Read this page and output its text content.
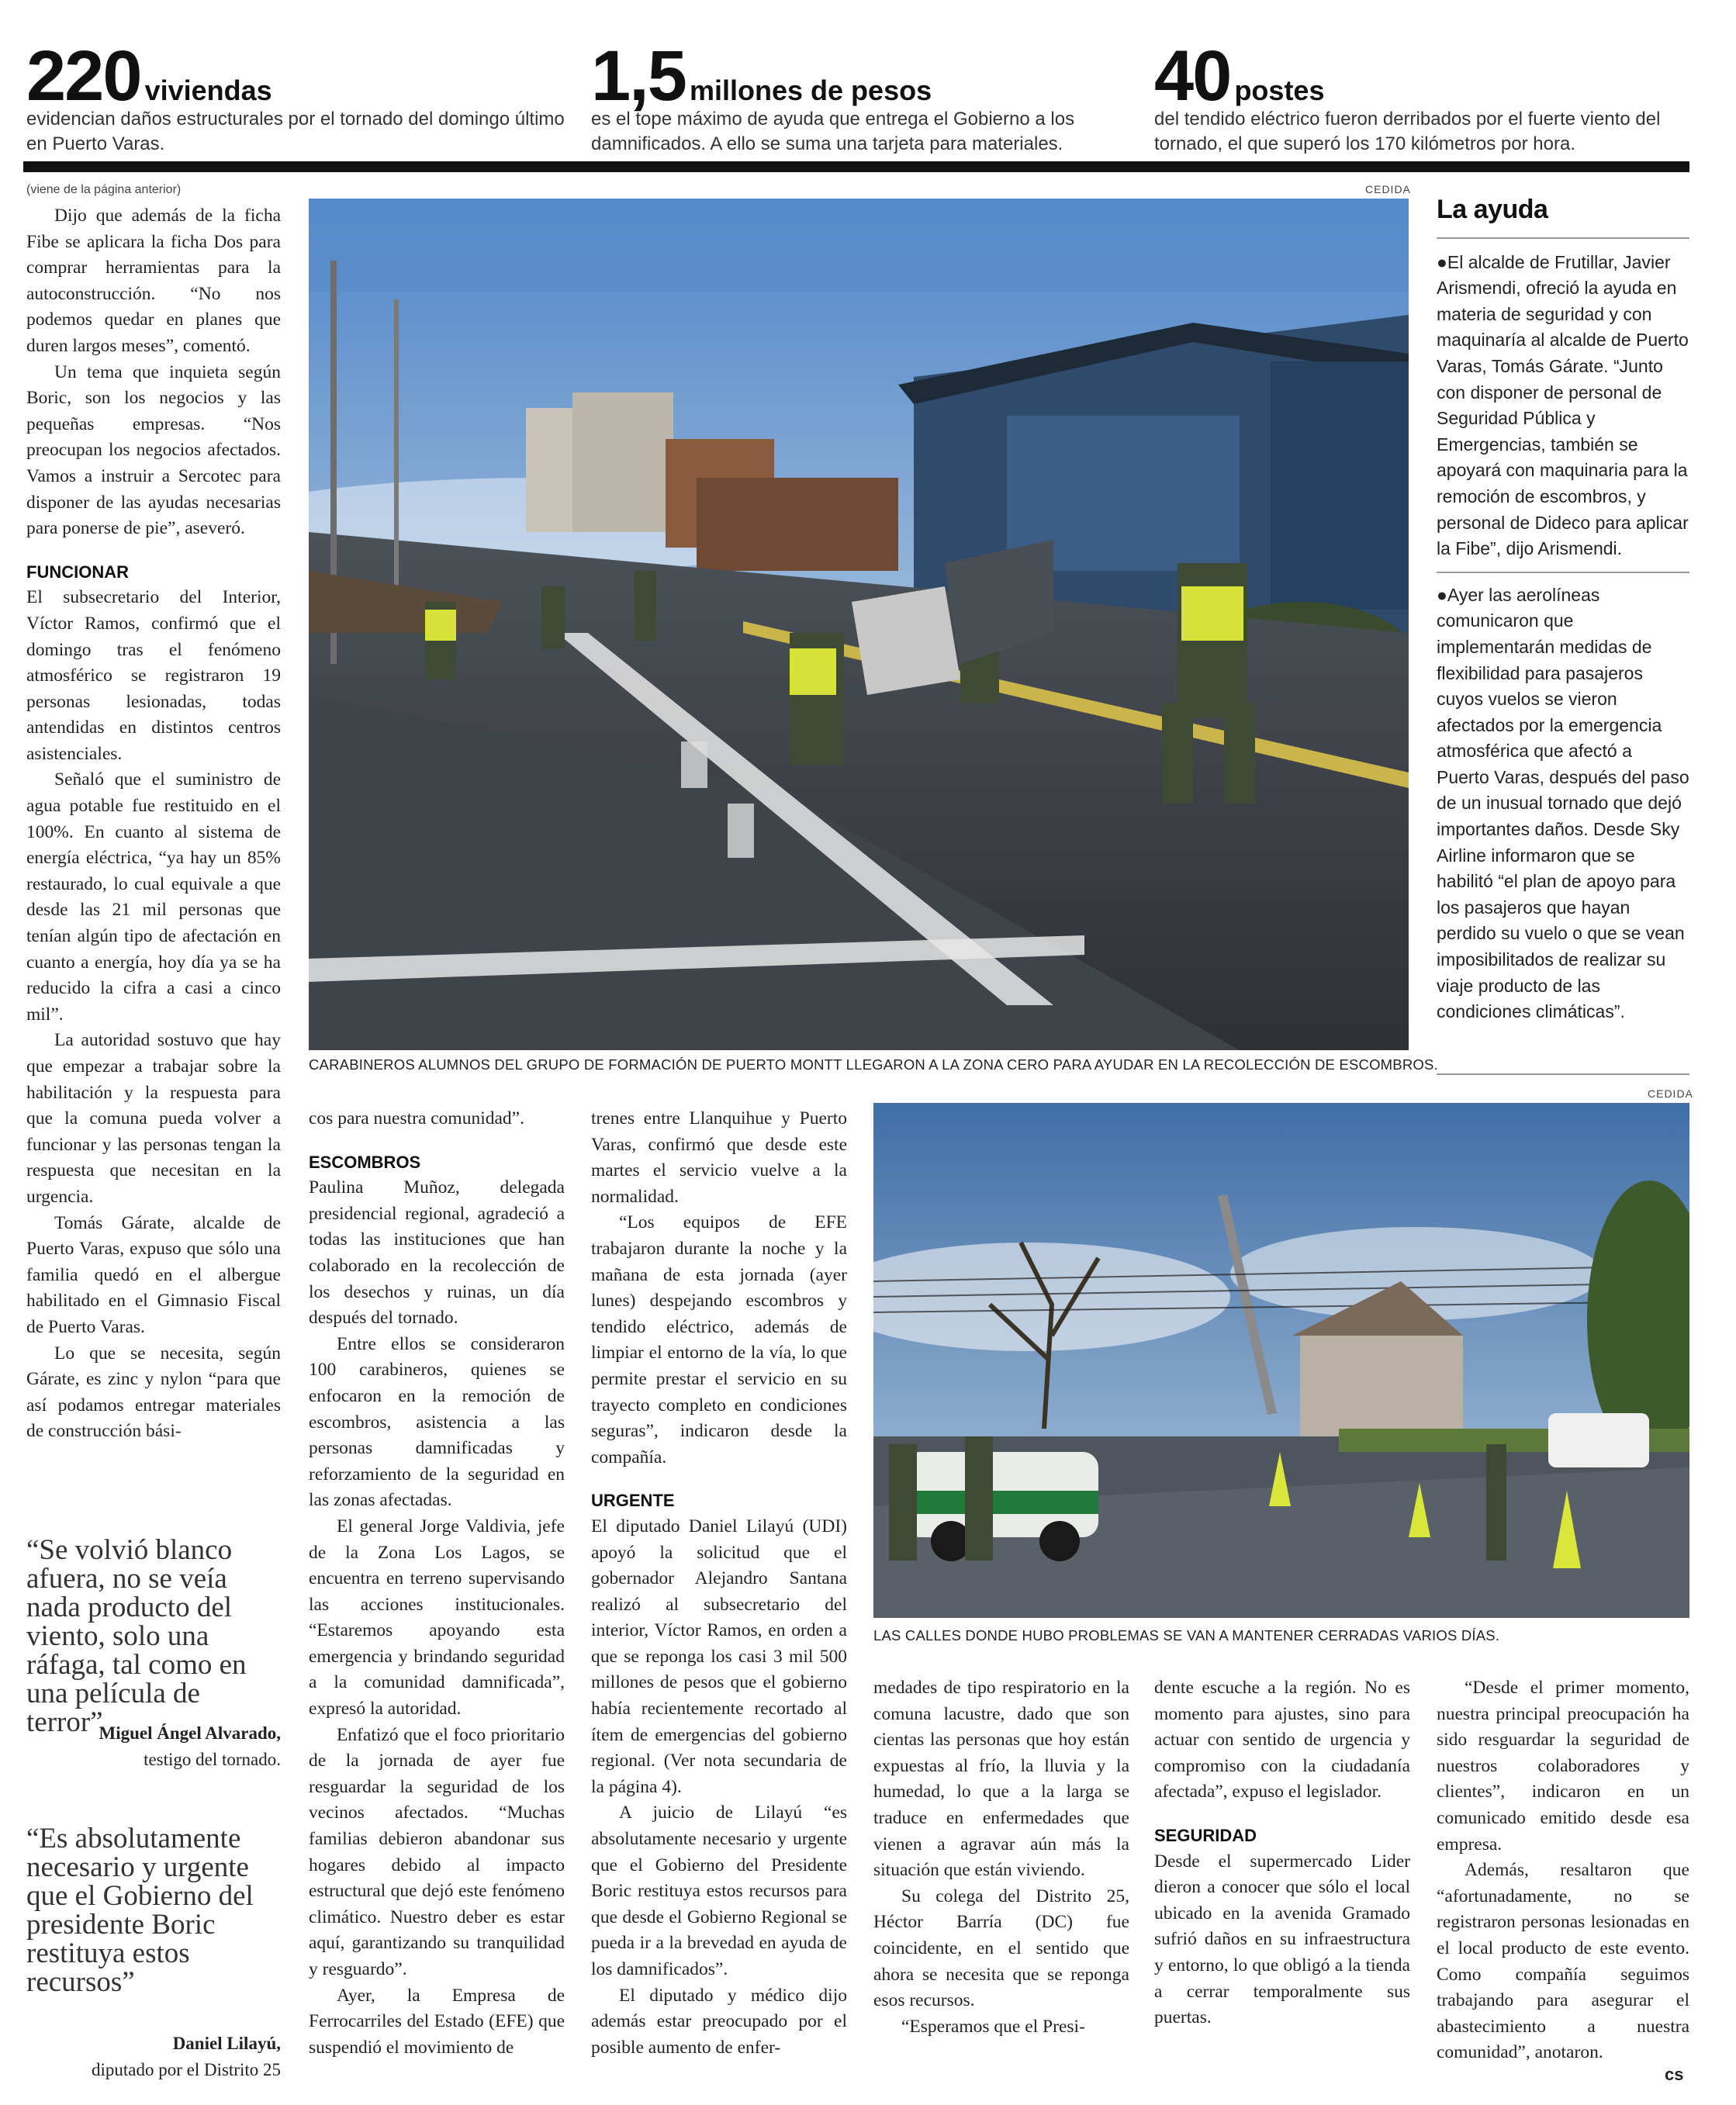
220 viviendas
evidencian daños estructurales por el tornado del domingo último en Puerto Varas.
1,5 millones de pesos
es el tope máximo de ayuda que entrega el Gobierno a los damnificados. A ello se suma una tarjeta para materiales.
40 postes
del tendido eléctrico fueron derribados por el fuerte viento del tornado, el que superó los 170 kilómetros por hora.
(viene de la página anterior)

Dijo que además de la ficha Fibe se aplicara la ficha Dos para comprar herramientas para la autoconstrucción. “No nos podemos quedar en planes que duren largos meses”, comentó.

Un tema que inquieta según Boric, son los negocios y las pequeñas empresas. “Nos preocupan los negocios afectados. Vamos a instruir a Sercotec para disponer de las ayudas necesarias para ponerse de pie”, aseveró.

FUNCIONAR

El subsecretario del Interior, Víctor Ramos, confirmó que el domingo tras el fenómeno atmosférico se registraron 19 personas lesionadas, todas antendidas en distintos centros asistenciales.

Señaló que el suministro de agua potable fue restituido en el 100%. En cuanto al sistema de energía eléctrica, “ya hay un 85% restaurado, lo cual equivale a que desde las 21 mil personas que tenían algún tipo de afectación en cuanto a energía, hoy día ya se ha reducido la cifra a casi a cinco mil”.

La autoridad sostuvo que hay que empezar a trabajar sobre la habilitación y la respuesta para que la comuna pueda volver a funcionar y las personas tengan la respuesta que necesitan en la urgencia.

Tomás Gárate, alcalde de Puerto Varas, expuso que sólo una familia quedó en el albergue habilitado en el Gimnasio Fiscal de Puerto Varas.

Lo que se necesita, según Gárate, es zinc y nylon “para que así podamos entregar materiales de construcción bási-

“Se volvió blanco afuera, no se veía nada producto del viento, solo una ráfaga, tal como en una película de terror”
Miguel Ángel Alvarado,
testigo del tornado.
“Es absolutamente necesario y urgente que el Gobierno del presidente Boric restituya estos recursos”
Daniel Lilayú,
diputado por el Distrito 25
CEDIDA
CARABINEROS ALUMNOS DEL GRUPO DE FORMACIÓN DE PUERTO MONTT LLEGARON A LA ZONA CERO PARA AYUDAR EN LA RECOLECCIÓN DE ESCOMBROS.
La ayuda

●El alcalde de Frutillar, Javier Arismendi, ofreció la ayuda en materia de seguridad y con maquinaría al alcalde de Puerto Varas, Tomás Gárate. “Junto con disponer de personal de Seguridad Pública y Emergencias, también se apoyará con maquinaria para la remoción de escombros, y personal de Dideco para aplicar la Fibe”, dijo Arismendi.

●Ayer las aerolíneas comunicaron que implementarán medidas de flexibilidad para pasajeros cuyos vuelos se vieron afectados por la emergencia atmosférica que afectó a Puerto Varas, después del paso de un inusual tornado que dejó importantes daños. Desde Sky Airline informaron que se habilitó “el plan de apoyo para los pasajeros que hayan perdido su vuelo o que se vean imposibilitados de realizar su viaje producto de las condiciones climáticas”.

CEDIDA
LAS CALLES DONDE HUBO PROBLEMAS SE VAN A MANTENER CERRADAS VARIOS DÍAS.

cos para nuestra comunidad”.

ESCOMBROS

Paulina Muñoz, delegada presidencial regional, agradeció a todas las instituciones que han colaborado en la recolección de los desechos y ruinas, un día después del tornado.

Entre ellos se consideraron 100 carabineros, quienes se enfocaron en la remoción de escombros, asistencia a las personas damnificadas y reforzamiento de la seguridad en las zonas afectadas.

El general Jorge Valdivia, jefe de la Zona Los Lagos, se encuentra en terreno supervisando las acciones institucionales. “Estaremos apoyando esta emergencia y brindando seguridad a la comunidad damnificada”, expresó la autoridad.

Enfatizó que el foco prioritario de la jornada de ayer fue resguardar la seguridad de los vecinos afectados. “Muchas familias debieron abandonar sus hogares debido al impacto estructural que dejó este fenómeno climático. Nuestro deber es estar aquí, garantizando su tranquilidad y resguardo”.

Ayer, la Empresa de Ferrocarriles del Estado (EFE) que suspendió el movimiento de

trenes entre Llanquihue y Puerto Varas, confirmó que desde este martes el servicio vuelve a la normalidad.

“Los equipos de EFE trabajaron durante la noche y la mañana de esta jornada (ayer lunes) despejando escombros y tendido eléctrico, además de limpiar el entorno de la vía, lo que permite prestar el servicio en su trayecto completo en condiciones seguras”, indicaron desde la compañía.

URGENTE

El diputado Daniel Lilayú (UDI) apoyó la solicitud que el gobernador Alejandro Santana realizó al subsecretario del interior, Víctor Ramos, en orden a que se reponga los casi 3 mil 500 millones de pesos que el gobierno había recientemente recortado al ítem de emergencias del gobierno regional. (Ver nota secundaria de la página 4).

A juicio de Lilayú “es absolutamente necesario y urgente que el Gobierno del Presidente Boric restituya estos recursos para que desde el Gobierno Regional se pueda ir a la brevedad en ayuda de los damnificados”.

El diputado y médico dijo además estar preocupado por el posible aumento de enfer-

medades de tipo respiratorio en la comuna lacustre, dado que son cientas las personas que hoy están expuestas al frío, la lluvia y la humedad, lo que a la larga se traduce en enfermedades que vienen a agravar aún más la situación que están viviendo.

Su colega del Distrito 25, Héctor Barría (DC) fue coincidente, en el sentido que ahora se necesita que se reponga esos recursos.

“Esperamos que el Presi-

dente escuche a la región. No es momento para ajustes, sino para actuar con sentido de urgencia y compromiso con la ciudadanía afectada”, expuso el legislador.

SEGURIDAD

Desde el supermercado Lider dieron a conocer que sólo el local ubicado en la avenida Gramado sufrió daños en su infraestructura y entorno, lo que obligó a la tienda a cerrar temporalmente sus puertas.

“Desde el primer momento, nuestra principal preocupación ha sido resguardar la seguridad de nuestros colaboradores y clientes”, indicaron en un comunicado emitido desde esa empresa.

Además, resaltaron que “afortunadamente, no se registraron personas lesionadas en el local producto de este evento. Como compañía seguimos trabajando para asegurar el abastecimiento a nuestra comunidad”, anotaron.

cs
